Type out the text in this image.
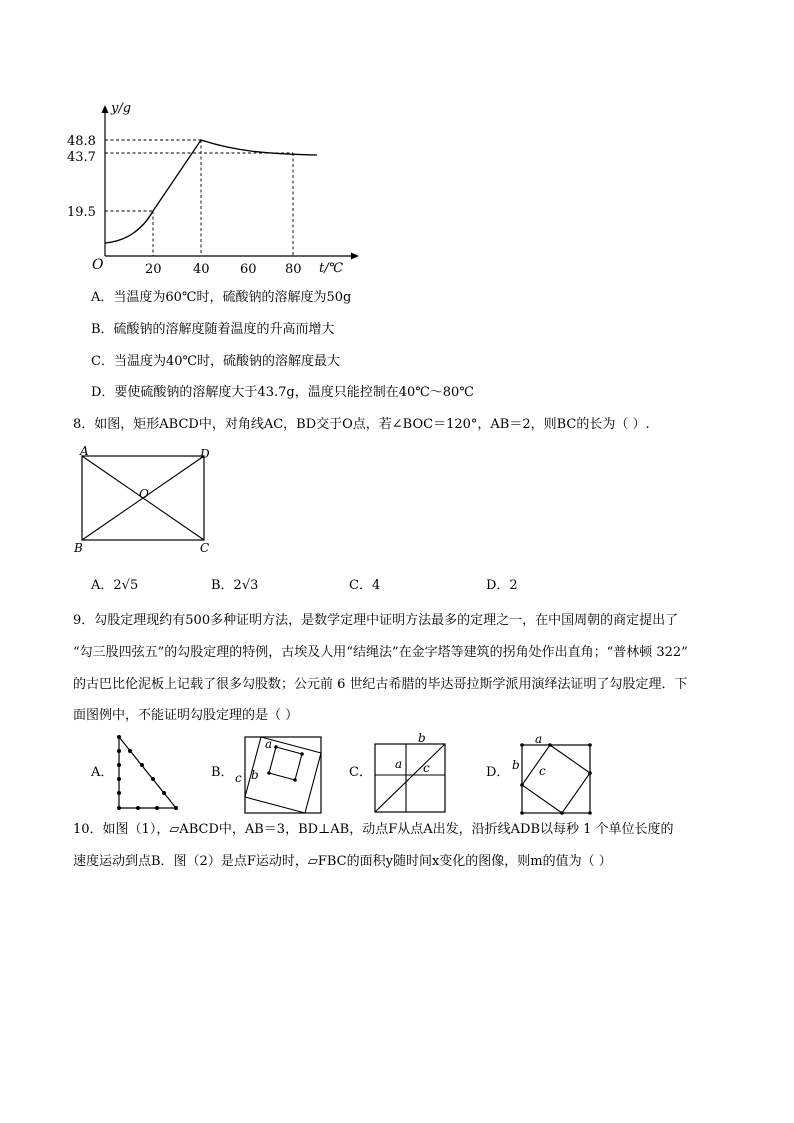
y/g
t/℃
O
48.8
43.7
19.5
20 40 60 80
A．当温度为60℃时，硫酸钠的溶解度为50g
B．硫酸钠的溶解度随着温度的升高而增大
C．当温度为40℃时，硫酸钠的溶解度最大
D．要使硫酸钠的溶解度大于43.7g，温度只能控制在40℃～80℃
8．如图，矩形ABCD中，对角线AC，BD交于O点，若∠BOC＝120°，AB＝2，则BC的长为（ ）.
A	D
O
B	C
A．2√5	B．2√3	C．4	D．2
9．勾股定理现约有500多种证明方法，是数学定理中证明方法最多的定理之一，在中国周朝的商定提出了
“勾三股四弦五”的勾股定理的特例，古埃及人用“结绳法”在金字塔等建筑的拐角处作出直角；“普林顿 322”
的古巴比伦泥板上记载了很多勾股数；公元前 6 世纪古希腊的毕达哥拉斯学派用演绎法证明了勾股定理．下
面图例中，不能证明勾股定理的是（ ）
A．	B．
a
b
c	C．
b
a c	D．
a
b c
10．如图（1），▱ABCD中，AB＝3，BD⊥AB，动点F从点A出发，沿折线ADB以每秒 1 个单位长度的
速度运动到点B．图（2）是点F运动时，▱FBC的面积y随时间x变化的图像，则m的值为（ ）
